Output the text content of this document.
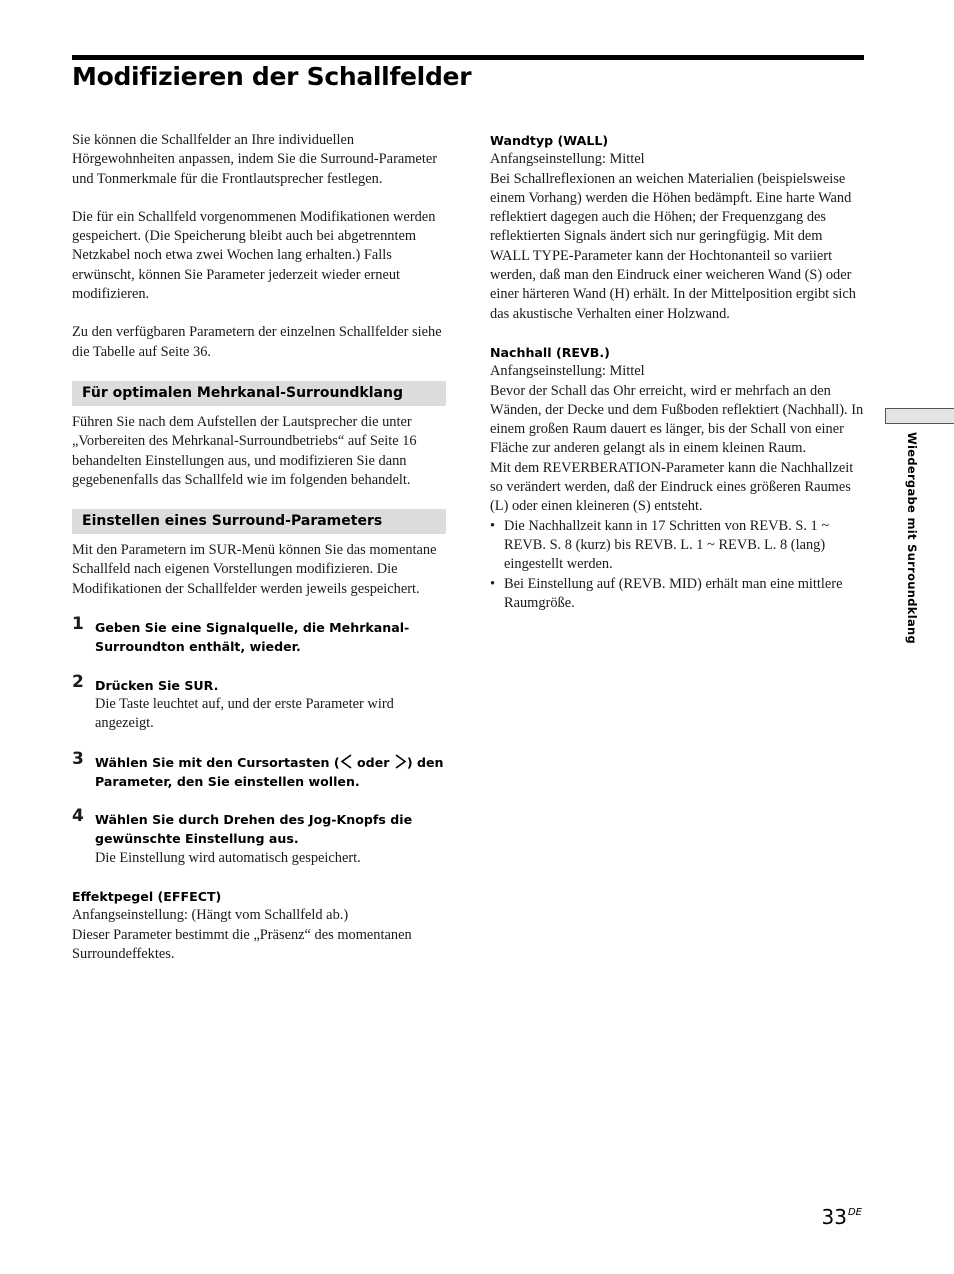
Modifizieren der Schallfelder

Sie können die Schallfelder an Ihre individuellen Hörgewohnheiten anpassen, indem Sie die Surround-Parameter und Tonmerkmale für die Frontlautsprecher festlegen.

Die für ein Schallfeld vorgenommenen Modifikationen werden gespeichert. (Die Speicherung bleibt auch bei abgetrenntem Netzkabel noch etwa zwei Wochen lang erhalten.) Falls erwünscht, können Sie Parameter jederzeit wieder erneut modifizieren.

Zu den verfügbaren Parametern der einzelnen Schallfelder siehe die Tabelle auf Seite 36.

Für optimalen Mehrkanal-Surroundklang

Führen Sie nach dem Aufstellen der Lautsprecher die unter „Vorbereiten des Mehrkanal-Surroundbetriebs“ auf Seite 16 behandelten Einstellungen aus, und modifizieren Sie dann gegebenenfalls das Schallfeld wie im folgenden behandelt.

Einstellen eines Surround-Parameters

Mit den Parametern im SUR-Menü können Sie das momentane Schallfeld nach eigenen Vorstellungen modifizieren. Die Modifikationen der Schallfelder werden jeweils gespeichert.

1 Geben Sie eine Signalquelle, die Mehrkanal-Surroundton enthält, wieder.
2 Drücken Sie SUR.
Die Taste leuchtet auf, und der erste Parameter wird angezeigt.
3 Wählen Sie mit den Cursortasten ( oder ) den Parameter, den Sie einstellen wollen.
4 Wählen Sie durch Drehen des Jog-Knopfs die gewünschte Einstellung aus.
Die Einstellung wird automatisch gespeichert.
Effektpegel (EFFECT)

Anfangseinstellung: (Hängt vom Schallfeld ab.)

Dieser Parameter bestimmt die „Präsenz“ des momentanen Surroundeffektes.

Wandtyp (WALL)

Anfangseinstellung: Mittel

Bei Schallreflexionen an weichen Materialien (beispielsweise einem Vorhang) werden die Höhen bedämpft. Eine harte Wand reflektiert dagegen auch die Höhen; der Frequenzgang des reflektierten Signals ändert sich nur geringfügig. Mit dem WALL TYPE-Parameter kann der Hochtonanteil so variiert werden, daß man den Eindruck einer weicheren Wand (S) oder einer härteren Wand (H) erhält. In der Mittelposition ergibt sich das akustische Verhalten einer Holzwand.

Nachhall (REVB.)

Anfangseinstellung: Mittel

Bevor der Schall das Ohr erreicht, wird er mehrfach an den Wänden, der Decke und dem Fußboden reflektiert (Nachhall). In einem großen Raum dauert es länger, bis der Schall von einer Fläche zur anderen gelangt als in einem kleinen Raum.

Mit dem REVERBERATION-Parameter kann die Nachhallzeit so verändert werden, daß der Eindruck eines größeren Raumes (L) oder einen kleineren (S) entsteht.

• Die Nachhallzeit kann in 17 Schritten von REVB. S. 1 ~ REVB. S. 8 (kurz) bis REVB. L. 1 ~ REVB. L. 8 (lang) eingestellt werden.
• Bei Einstellung auf (REVB. MID) erhält man eine mittlere Raumgröße.	Wiedergabe mit Surroundklang
33DE
